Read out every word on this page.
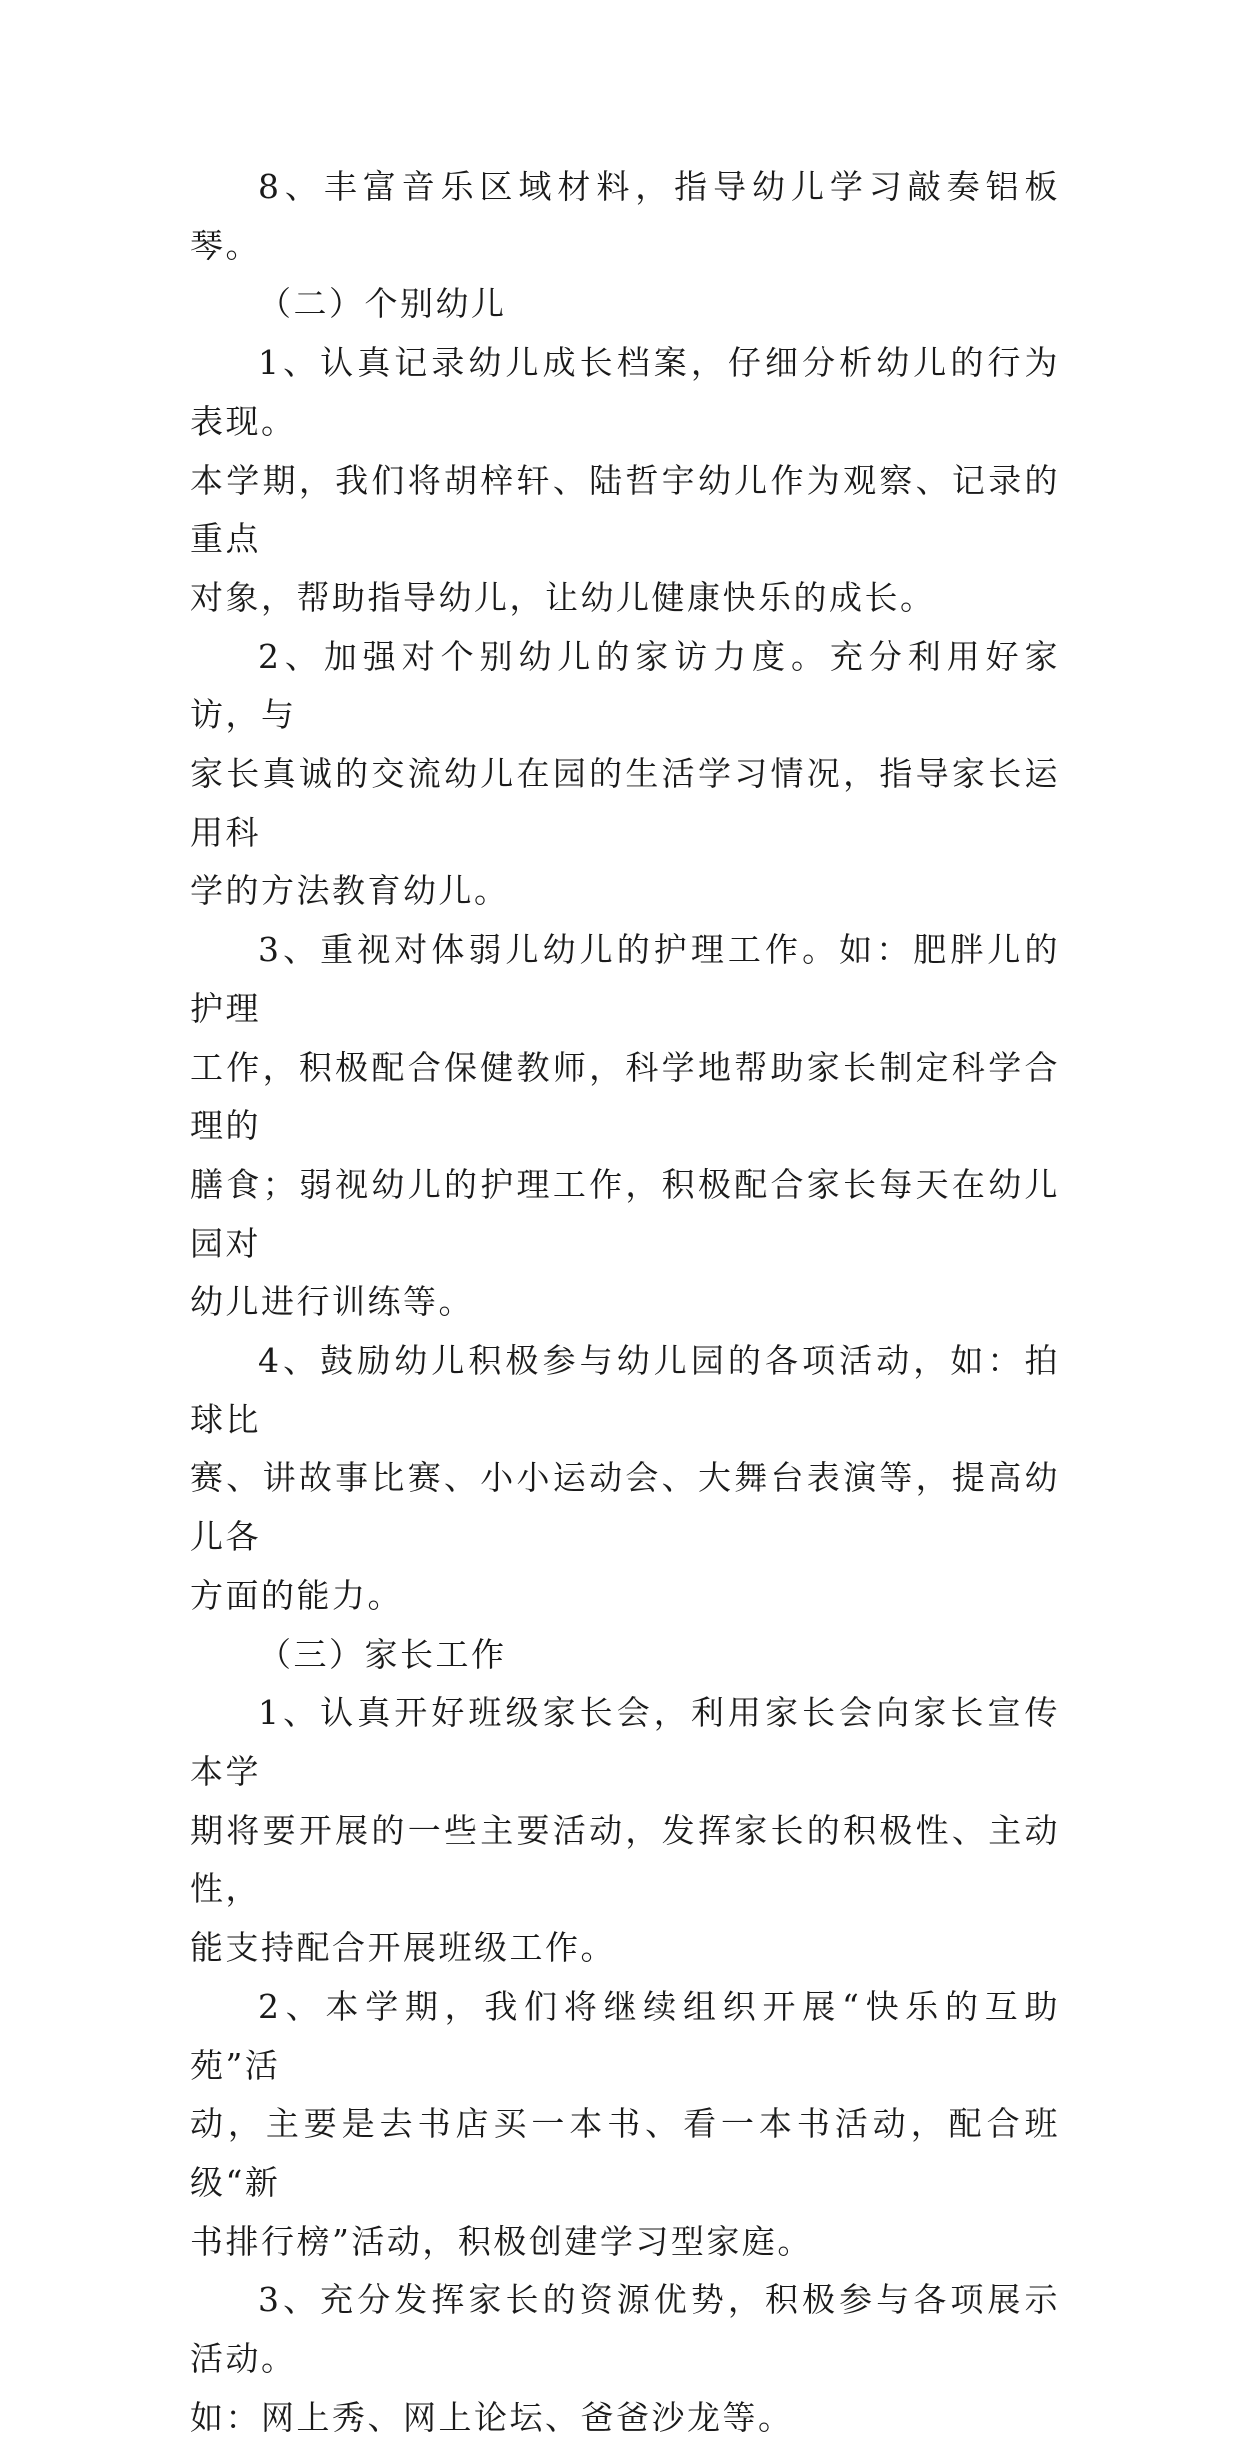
8、丰富音乐区域材料，指导幼儿学习敲奏铝板琴。

（二）个别幼儿

1、认真记录幼儿成长档案，仔细分析幼儿的行为表现。
本学期，我们将胡梓轩、陆哲宇幼儿作为观察、记录的重点
对象，帮助指导幼儿，让幼儿健康快乐的成长。

2、加强对个别幼儿的家访力度。充分利用好家访，与
家长真诚的交流幼儿在园的生活学习情况，指导家长运用科
学的方法教育幼儿。

3、重视对体弱儿幼儿的护理工作。如：肥胖儿的护理
工作，积极配合保健教师，科学地帮助家长制定科学合理的
膳食；弱视幼儿的护理工作，积极配合家长每天在幼儿园对
幼儿进行训练等。

4、鼓励幼儿积极参与幼儿园的各项活动，如：拍球比
赛、讲故事比赛、小小运动会、大舞台表演等，提高幼儿各
方面的能力。

（三）家长工作

1、认真开好班级家长会，利用家长会向家长宣传本学
期将要开展的一些主要活动，发挥家长的积极性、主动性，
能支持配合开展班级工作。

2、本学期，我们将继续组织开展“快乐的互助苑”活
动，主要是去书店买一本书、看一本书活动，配合班级“新
书排行榜”活动，积极创建学习型家庭。

3、充分发挥家长的资源优势，积极参与各项展示活动。
如：网上秀、网上论坛、爸爸沙龙等。
